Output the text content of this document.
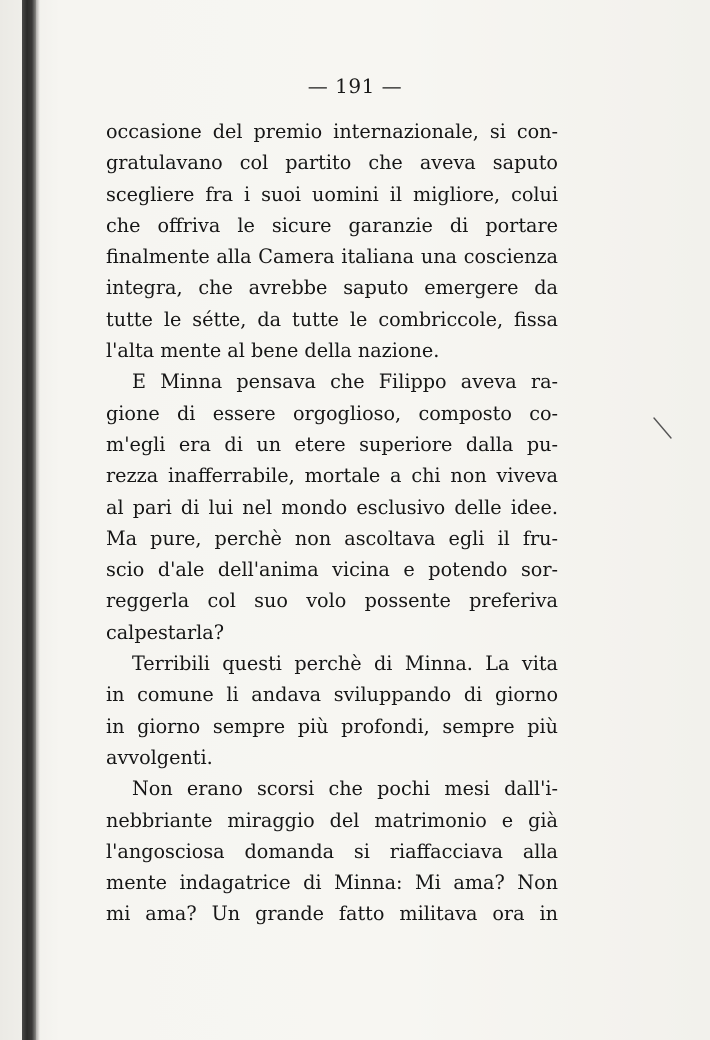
— 191 —
occasione del premio internazionale, si con-
gratulavano col partito che aveva saputo
scegliere fra i suoi uomini il migliore, colui
che offriva le sicure garanzie di portare
finalmente alla Camera italiana una coscienza
integra, che avrebbe saputo emergere da
tutte le sétte, da tutte le combriccole, fissa
l'alta mente al bene della nazione.
E Minna pensava che Filippo aveva ra-
gione di essere orgoglioso, composto co-
m'egli era di un etere superiore dalla pu-
rezza inafferrabile, mortale a chi non viveva
al pari di lui nel mondo esclusivo delle idee.
Ma pure, perchè non ascoltava egli il fru-
scio d'ale dell'anima vicina e potendo sor-
reggerla col suo volo possente preferiva
calpestarla?
Terribili questi perchè di Minna. La vita
in comune li andava sviluppando di giorno
in giorno sempre più profondi, sempre più
avvolgenti.
Non erano scorsi che pochi mesi dall'i-
nebbriante miraggio del matrimonio e già
l'angosciosa domanda si riaffacciava alla
mente indagatrice di Minna: Mi ama? Non
mi ama? Un grande fatto militava ora in
